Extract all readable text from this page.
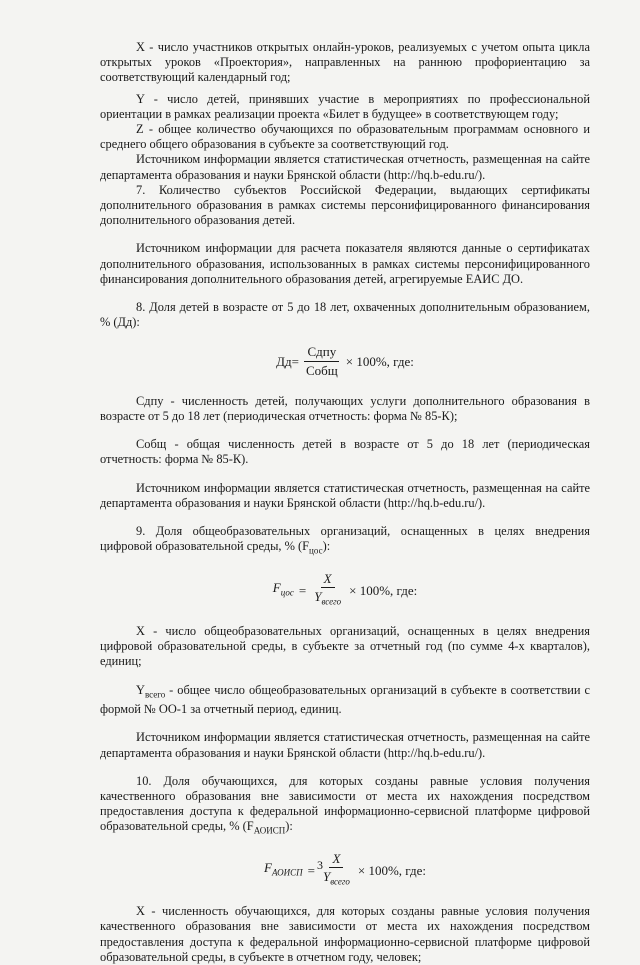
X - число участников открытых онлайн-уроков, реализуемых с учетом опыта цикла открытых уроков «Проектория», направленных на раннюю профориентацию за соответствующий календарный год;

Y - число детей, принявших участие в мероприятиях по профессиональной ориентации в рамках реализации проекта «Билет в будущее» в соответствующем году;

Z - общее количество обучающихся по образовательным программам основного и среднего общего образования в субъекте за соответствующий год.

Источником информации является статистическая отчетность, размещенная на сайте департамента образования и науки Брянской области (http://hq.b-edu.ru/).

7. Количество субъектов Российской Федерации, выдающих сертификаты дополнительного образования в рамках системы персонифицированного финансирования дополнительного образования детей.

Источником информации для расчета показателя являются данные о сертификатах дополнительного образования, использованных в рамках системы персонифицированного финансирования дополнительного образования детей, агрегируемые ЕАИС ДО.

8. Доля детей в возрасте от 5 до 18 лет, охваченных дополнительным образованием, % (Дд):

$Дд= \frac{\text{Сдпу}}{\text{Собщ}} \times 100\%$, где:

Сдпу - численность детей, получающих услуги дополнительного образования в возрасте от 5 до 18 лет (периодическая отчетность: форма № 85-К);

Собщ - общая численность детей в возрасте от 5 до 18 лет (периодическая отчетность: форма № 85-К).

Источником информации является статистическая отчетность, размещенная на сайте департамента образования и науки Брянской области (http://hq.b-edu.ru/).

9. Доля общеобразовательных организаций, оснащенных в целях внедрения цифровой образовательной среды, % $(F_{цос})$:

$F_{цос} = \frac{X}{Y_{всего}} \times 100\%$, где:

X - число общеобразовательных организаций, оснащенных в целях внедрения цифровой образовательной среды, в субъекте за отчетный год (по сумме 4-х кварталов), единиц;

$Y_{всего}$ - общее число общеобразовательных организаций в субъекте в соответствии с формой № ОО-1 за отчетный период, единиц.

Источником информации является статистическая отчетность, размещенная на сайте департамента образования и науки Брянской области (http://hq.b-edu.ru/).

10. Доля обучающихся, для которых созданы равные условия получения качественного образования вне зависимости от места их нахождения посредством предоставления доступа к федеральной информационно-сервисной платформе цифровой образовательной среды, % $(F_{АОИСП})$:

$F_{АОИСП} = \frac{X}{Y_{всего}} \times 100\%$, где:

X - численность обучающихся, для которых созданы равные условия получения качественного образования вне зависимости от места их нахождения посредством предоставления доступа к федеральной информационно-сервисной платформе цифровой образовательной среды, в субъекте в отчетном году, человек;

3
